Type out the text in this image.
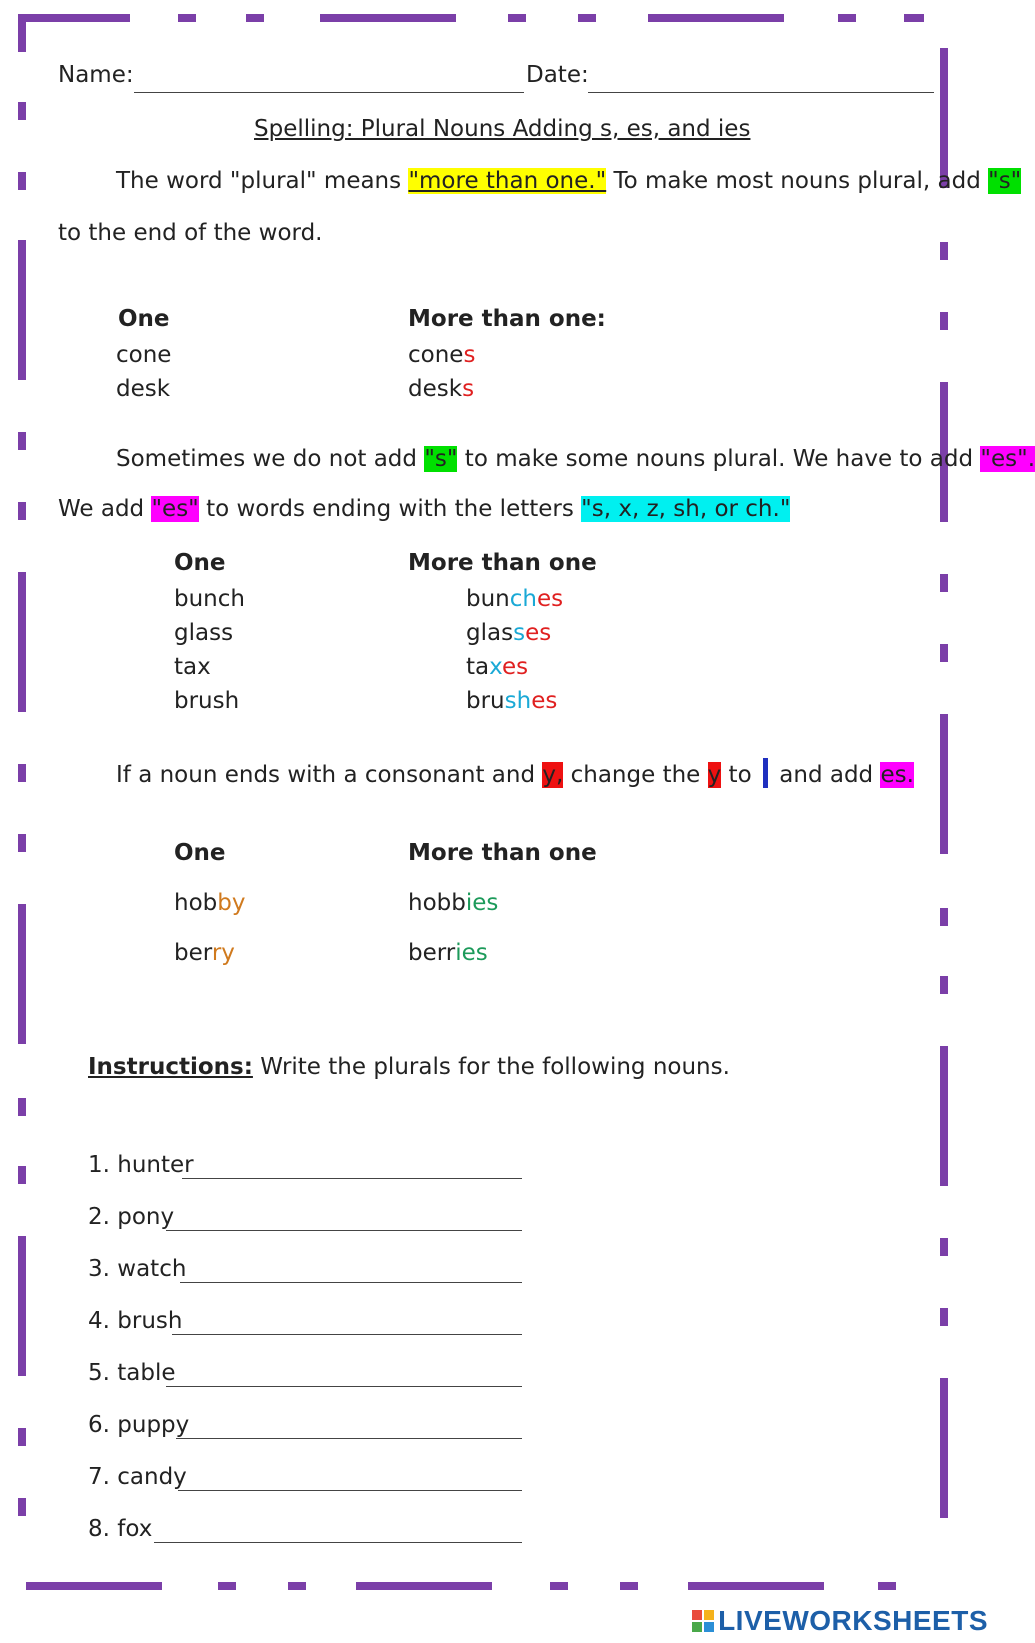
Name:	Date:
Spelling: Plural Nouns Adding s, es, and ies
The word "plural" means "more than one." To make most nouns plural, add "s"
to the end of the word.
One	More than one:
cone	cones
desk	desks
Sometimes we do not add "s" to make some nouns plural. We have to add "es".
We add "es" to words ending with the letters "s, x, z, sh, or ch."
One	More than one
bunch	bunches
glass	glasses
tax	taxes
brush	brushes
If a noun ends with a consonant and y, change the y to  and add es.
One	More than one
hobby	hobbies
berry	berries
Instructions: Write the plurals for the following nouns.
1. hunter
2. pony
3. watch
4. brush
5. table
6. puppy
7. candy
8. fox
LIVEWORKSHEETS
